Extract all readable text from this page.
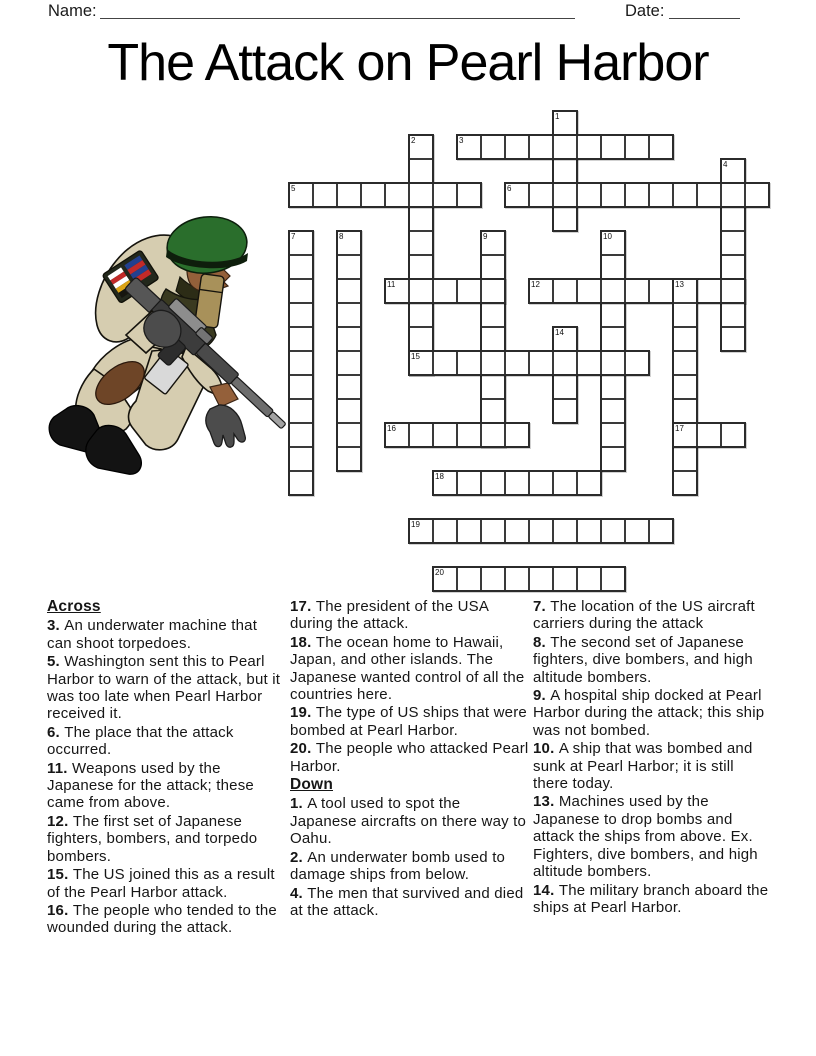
Name:	Date:
The Attack on Pearl Harbor
1
2	3
4
5	6
7	8	9	10
11	12	13
14
15
16	17
18
19
20
Across
3. An underwater machine that can shoot torpedoes.
5. Washington sent this to Pearl Harbor to warn of the attack, but it was too late when Pearl Harbor received it.
6. The place that the attack occurred.
11. Weapons used by the Japanese for the attack; these came from above.
12. The first set of Japanese fighters, bombers, and torpedo bombers.
15. The US joined this as a result of the Pearl Harbor attack.
16. The people who tended to the wounded during the attack.
17. The president of the USA during the attack.
18. The ocean home to Hawaii, Japan, and other islands. The Japanese wanted control of all the countries here.
19. The type of US ships that were bombed at Pearl Harbor.
20. The people who attacked Pearl Harbor.
Down
1. A tool used to spot the Japanese aircrafts on there way to Oahu.
2. An underwater bomb used to damage ships from below.
4. The men that survived and died at the attack.
7. The location of the US aircraft carriers during the attack
8. The second set of Japanese fighters, dive bombers, and high altitude bombers.
9. A hospital ship docked at Pearl Harbor during the attack; this ship was not bombed.
10. A ship that was bombed and sunk at Pearl Harbor; it is still there today.
13. Machines used by the Japanese to drop bombs and attack the ships from above. Ex. Fighters, dive bombers, and high altitude bombers.
14. The military branch aboard the ships at Pearl Harbor.
